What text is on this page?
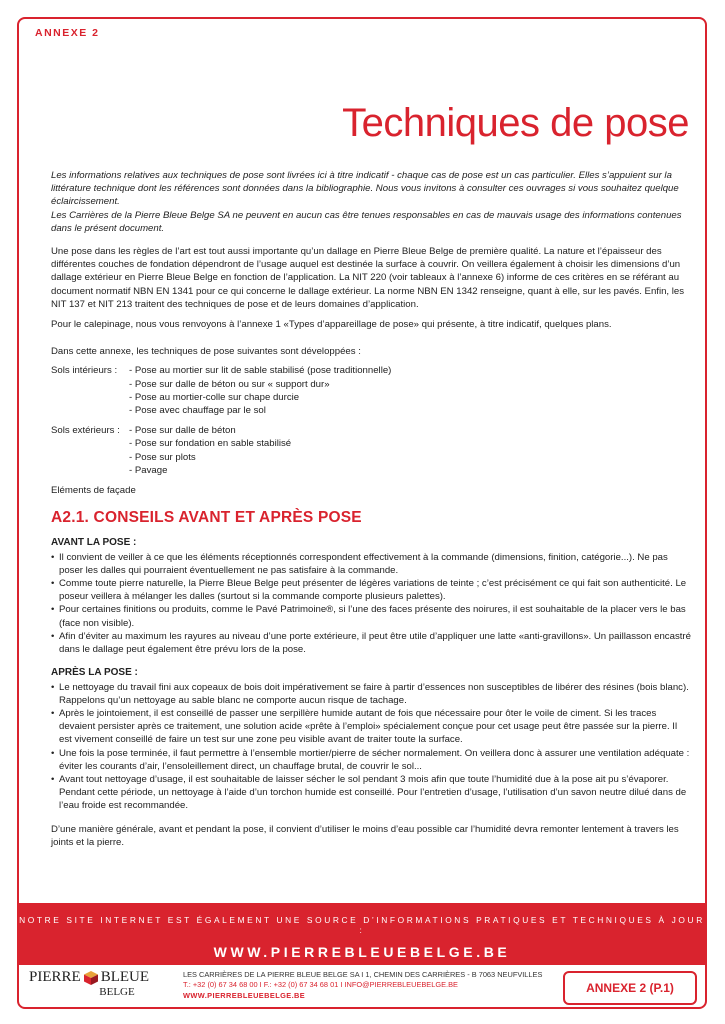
ANNEXE 2
Techniques de pose

Les informations relatives aux techniques de pose sont livrées ici à titre indicatif - chaque cas de pose est un cas particulier. Elles s’appuient sur la littérature technique dont les références sont données dans la bibliographie. Nous vous invitons à consulter ces ouvrages si vous souhaitez quelque éclaircissement.

Les Carrières de la Pierre Bleue Belge SA ne peuvent en aucun cas être tenues responsables en cas de mauvais usage des informations contenues dans le présent document.

Une pose dans les règles de l’art est tout aussi importante qu’un dallage en Pierre Bleue Belge de première qualité. La nature et l’épaisseur des différentes couches de fondation dépendront de l’usage auquel est destinée la surface à couvrir. On veillera également à choisir les dimensions d’un dallage extérieur en Pierre Bleue Belge en fonction de l’application. La NIT 220 (voir tableaux à l’annexe 6) informe de ces critères en se référant au document normatif NBN EN 1341 pour ce qui concerne le dallage extérieur. La norme NBN EN 1342 renseigne, quant à elle, sur les pavés. Enfin, les NIT 137 et NIT 213 traitent des techniques de pose et de leurs domaines d’application.

Pour le calepinage, nous vous renvoyons à l’annexe 1 «Types d’appareillage de pose» qui présente, à titre indicatif, quelques plans.

Dans cette annexe, les techniques de pose suivantes sont développées :

Sols intérieurs :	- Pose au mortier sur lit de sable stabilisé (pose traditionnelle)
- Pose sur dalle de béton ou sur « support dur»
- Pose au mortier-colle sur chape durcie
- Pose avec chauffage par le sol
Sols extérieurs : - Pose sur dalle de béton
- Pose sur fondation en sable stabilisé
- Pose sur plots
- Pavage

Eléments de façade

A2.1. CONSEILS AVANT ET APRÈS POSE
AVANT LA POSE :
• Il convient de veiller à ce que les éléments réceptionnés correspondent effectivement à la commande (dimensions, finition, catégorie...). Ne pas poser les dalles qui pourraient éventuellement ne pas satisfaire à la commande.
• Comme toute pierre naturelle, la Pierre Bleue Belge peut présenter de légères variations de teinte ; c’est précisément ce qui fait son authenticité. Le poseur veillera à mélanger les dalles (surtout si la commande comporte plusieurs palettes).
• Pour certaines finitions ou produits, comme le Pavé Patrimoine®, si l’une des faces présente des noirures, il est souhaitable de la placer vers le bas (face non visible).
• Afin d’éviter au maximum les rayures au niveau d’une porte extérieure, il peut être utile d’appliquer une latte «anti-gravillons». Un paillasson encastré dans le dallage peut également être prévu lors de la pose.
APRÈS LA POSE :
• Le nettoyage du travail fini aux copeaux de bois doit impérativement se faire à partir d’essences non susceptibles de libérer des résines (bois blanc). Rappelons qu’un nettoyage au sable blanc ne comporte aucun risque de tachage.
• Après le jointoiement, il est conseillé de passer une serpillère humide autant de fois que nécessaire pour ôter le voile de ciment. Si les traces devaient persister après ce traitement, une solution acide «prête à l’emploi» spécialement conçue pour cet usage peut être passée sur la pierre. Il est vivement conseillé de faire un test sur une zone peu visible avant de traiter toute la surface.
• Une fois la pose terminée, il faut permettre à l’ensemble mortier/pierre de sécher normalement. On veillera donc à assurer une ventilation adéquate : éviter les courants d’air, l’ensoleillement direct, un chauffage brutal, de couvrir le sol...
• Avant tout nettoyage d’usage, il est souhaitable de laisser sécher le sol pendant 3 mois afin que toute l’humidité due à la pose ait pu s’évaporer. Pendant cette période, un nettoyage à l’aide d’un torchon humide est conseillé. Pour l’entretien d’usage, l’utilisation d’un savon neutre dilué dans de l’eau froide est recommandée.

D’une manière générale, avant et pendant la pose, il convient d’utiliser le moins d’eau possible car l’humidité devra remonter lentement à travers les joints et la pierre.

NOTRE SITE INTERNET EST ÉGALEMENT UNE SOURCE D’INFORMATIONS PRATIQUES ET TECHNIQUES À JOUR :
WWW.PIERREBLEUEBELGE.BE
PIERRE BLEUE
BELGE
LES CARRIÈRES DE LA PIERRE BLEUE BELGE SA I 1, CHEMIN DES CARRIÈRES - B 7063 NEUFVILLES
T.: +32 (0) 67 34 68 00 I F.: +32 (0) 67 34 68 01 I INFO@PIERREBLEUEBELGE.BE
WWW.PIERREBLEUEBELGE.BE
ANNEXE 2 (P.1)
